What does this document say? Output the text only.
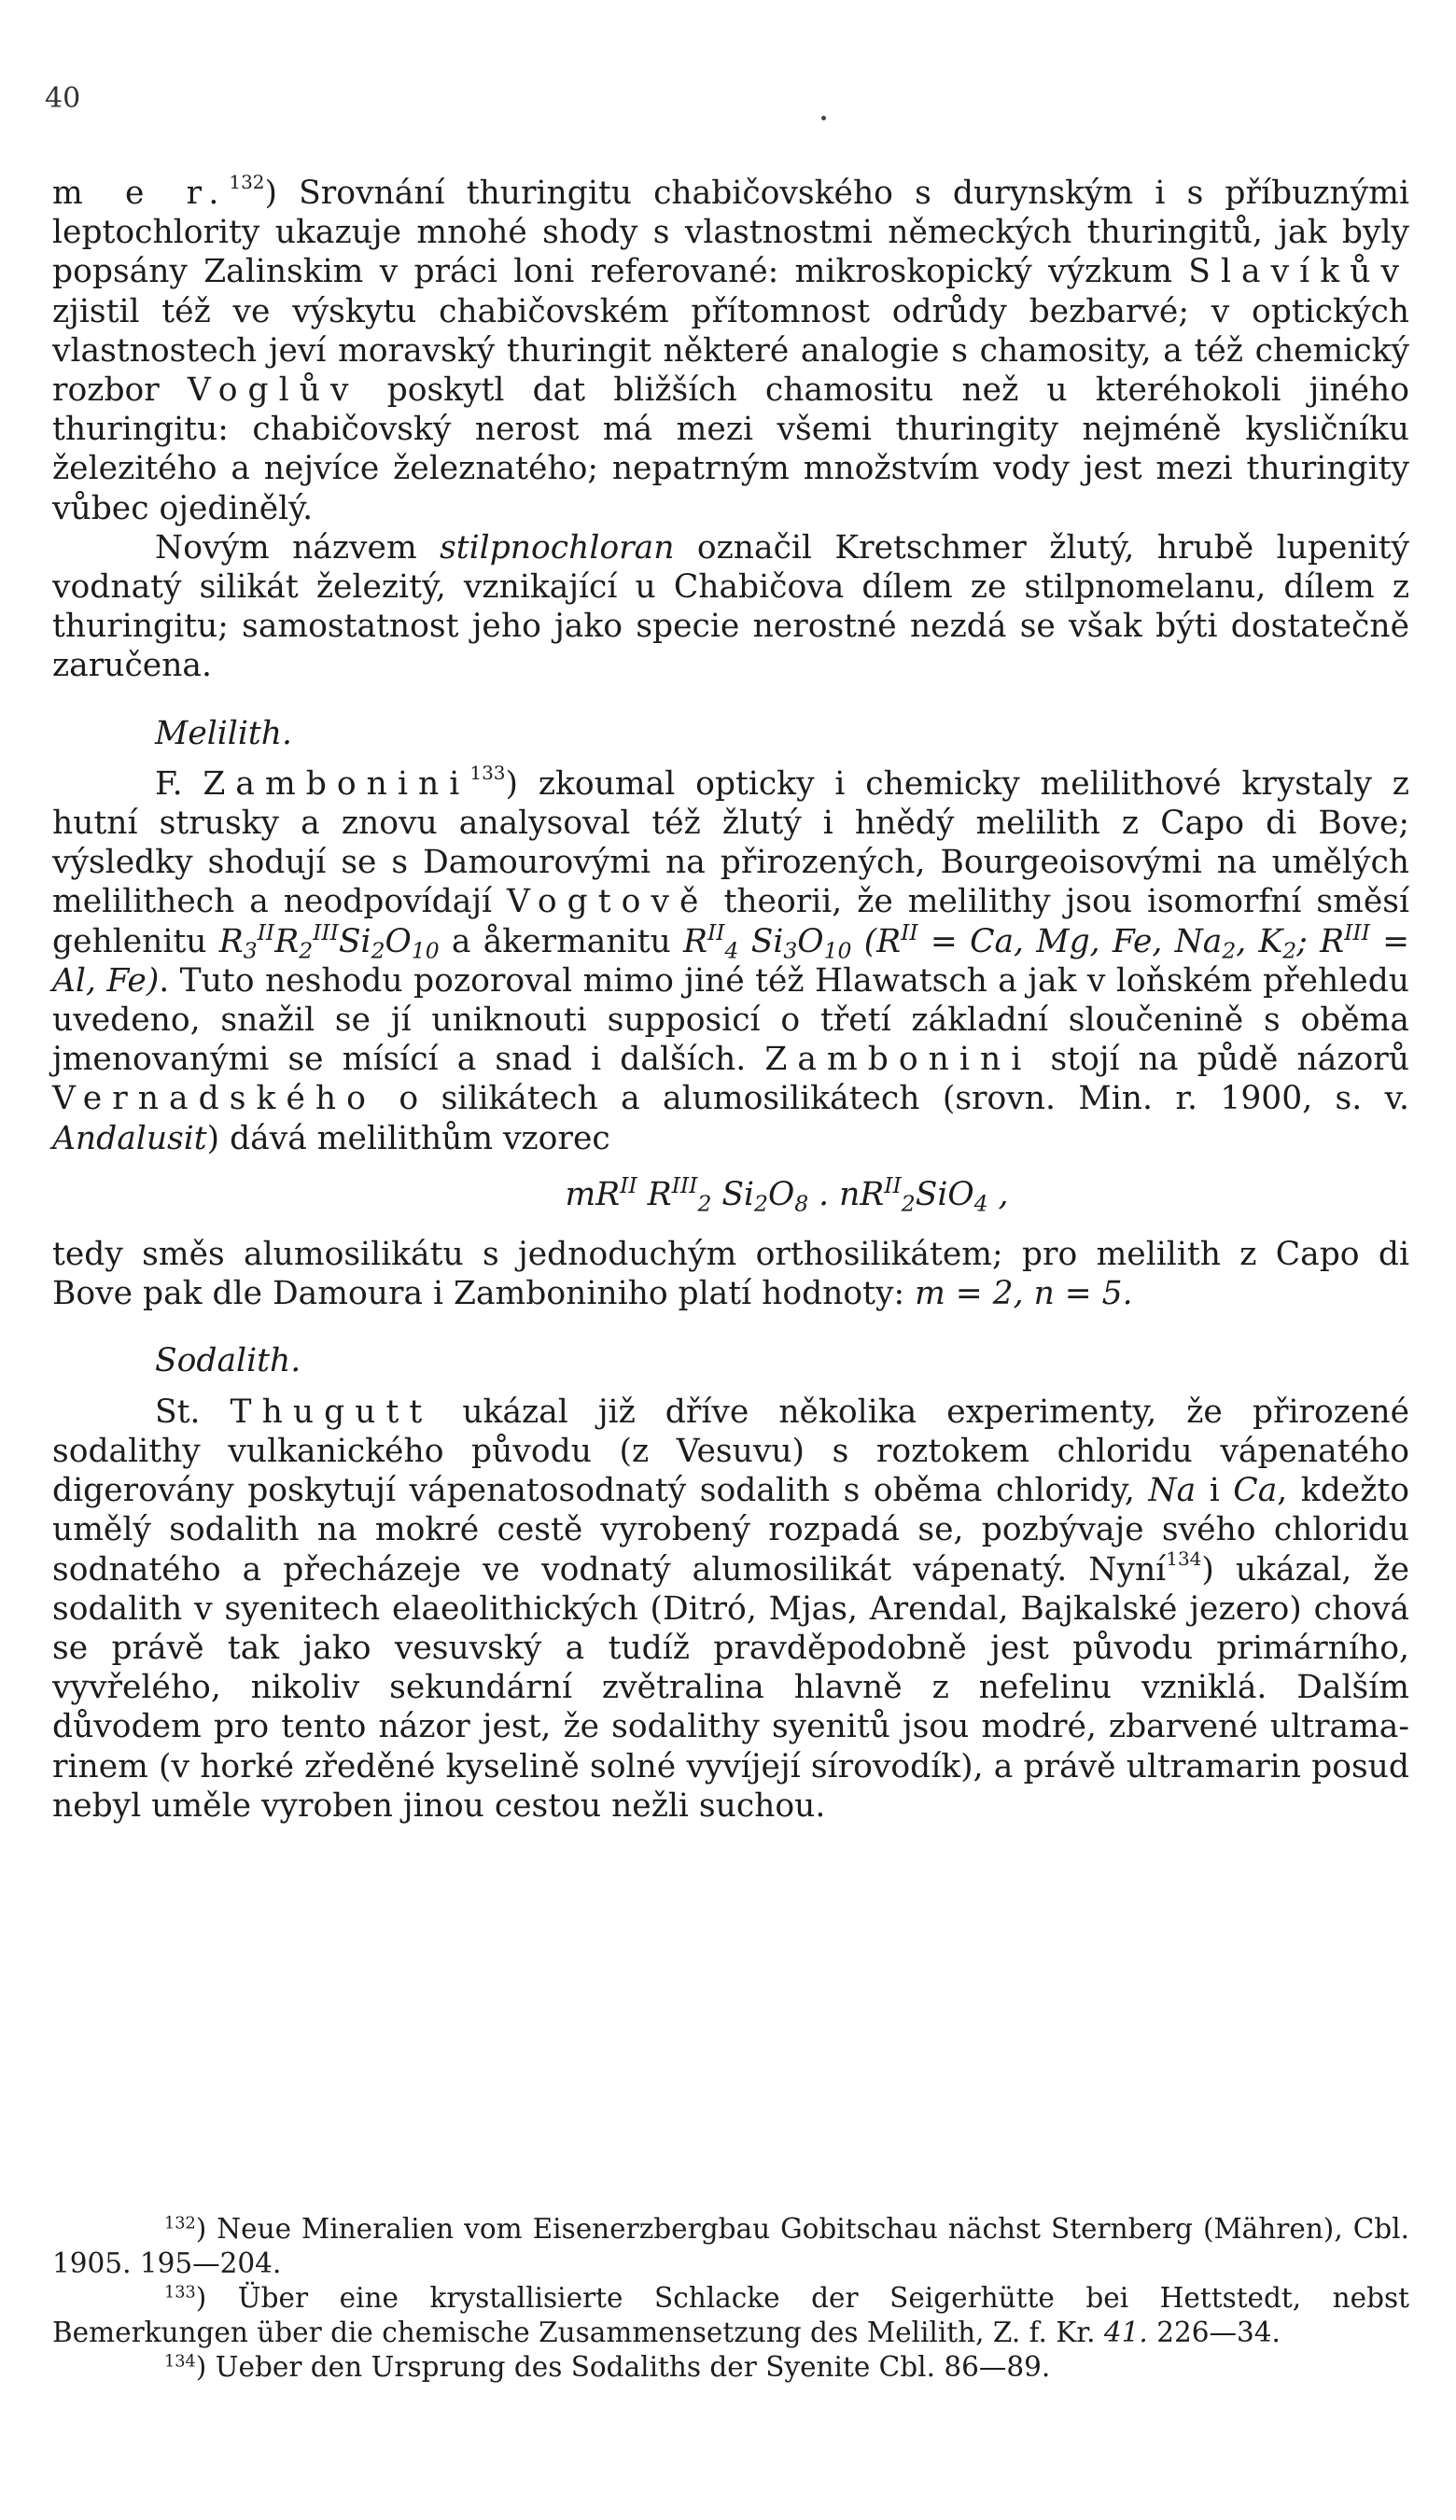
40

m e r.$^{132}$) Srovnání thuringitu chabičovského s durynským i s příbuznými leptochlority ukazuje mnohé shody s vlastnostmi německých thuringitů, jak byly popsány Zalinskim v práci loni referované: mikroskopický výzkum Slavíkův zjistil též ve výskytu chabičovském přítomnost odrůdy bezbarvé; v optických vlastnostech jeví moravský thuringit některé analogie s chamosity, a též chemický rozbor Voglův poskytl dat bližších chamositu než u kteréhokoli jiného thuringitu: chabičovský nerost má mezi všemi thuringity nejméně kysličníku železitého a nejvíce železnatého; nepatrným množstvím vody jest mezi thuringity vůbec ojedinělý.

Novým názvem stilpnochloran označil Kretschmer žlutý, hrubě lupenitý vodnatý silikát železitý, vznikající u Chabičova dílem ze stilpnomelanu, dílem z thuringitu; samostatnost jeho jako specie nerostné nezdá se však býti dostatečně zaručena.

Melilith.

F. Zambonini$^{133}$) zkoumal opticky i chemicky melilithové krystaly z hutní strusky a znovu analysoval též žlutý i hnědý melilith z Capo di Bove; výsledky shodují se s Damourovými na přirozených, Bourgeoisovými na umělých melilithech a neodpovídají Vogtově theorii, že melilithy jsou isomorfní směsí gehlenitu $R_3^{II}R_2^{III}Si_2O_{10}$ a åkermanitu $R^{II}_4$ $Si_3O_{10}$ ($R^{II} = Ca$, Mg, Fe, $Na_2$, $K_2$; $R^{III} = Al$, Fe). Tuto neshodu pozoroval mimo jiné též Hlawatsch a jak v loňském přehledu uvedeno, snažil se jí uniknouti supposicí o třetí základní sloučenině s oběma jmenovanými se mísící a snad i dalších. Zambonini stojí na půdě názorů Vernadského o silikátech a alumosilikátech (srovn. Min. r. 1900, s. v. Andalusit) dává melilithům vzorec

$mR^{II}$ $R^{III}_2$ $Si_2O_8$ . $nR^{II}_2SiO_4$ ,

tedy směs alumosilikátu s jednoduchým orthosilikátem; pro melilith z Capo di Bove pak dle Damoura i Zamboniniho platí hodnoty: m = 2, n = 5.

Sodalith.

St. Thugutt ukázal již dříve několika experimenty, že přirozené sodalithy vulkanického původu (z Vesuvu) s roztokem chloridu vápenatého digerovány poskytují vápenatosodnatý sodalith s oběma chloridy, Na i Ca, kdežto umělý sodalith na mokré cestě vyrobený rozpadá se, pozbývaje svého chloridu sodnatého a přecházeje ve vodnatý alumosilikát vápenatý. Nyní$^{134}$) ukázal, že sodalith v syenitech elaeolithických (Ditró, Mjas, Arendal, Bajkalské jezero) chová se právě tak jako vesuvský a tudíž pravděpodobně jest původu primárního, vyvřelého, nikoliv sekundární zvětralina hlavně z nefelinu vzniklá. Dalším důvodem pro tento názor jest, že sodalithy syenitů jsou modré, zbarvené ultramarinem (v horké zředěné kyselině solné vyvíjejí sírovodík), a právě ultramarin posud nebyl uměle vyroben jinou cestou nežli suchou.

$^{132}$) Neue Mineralien vom Eisenerzbergbau Gobitschau nächst Sternberg (Mähren), Cbl. 1905. 195—204.

$^{133}$) Über eine krystallisierte Schlacke der Seigerhütte bei Hettstedt, nebst Bemerkungen über die chemische Zusammensetzung des Melilith, Z. f. Kr. 41. 226—34.

$^{134}$) Ueber den Ursprung des Sodaliths der Syenite Cbl. 86—89.
